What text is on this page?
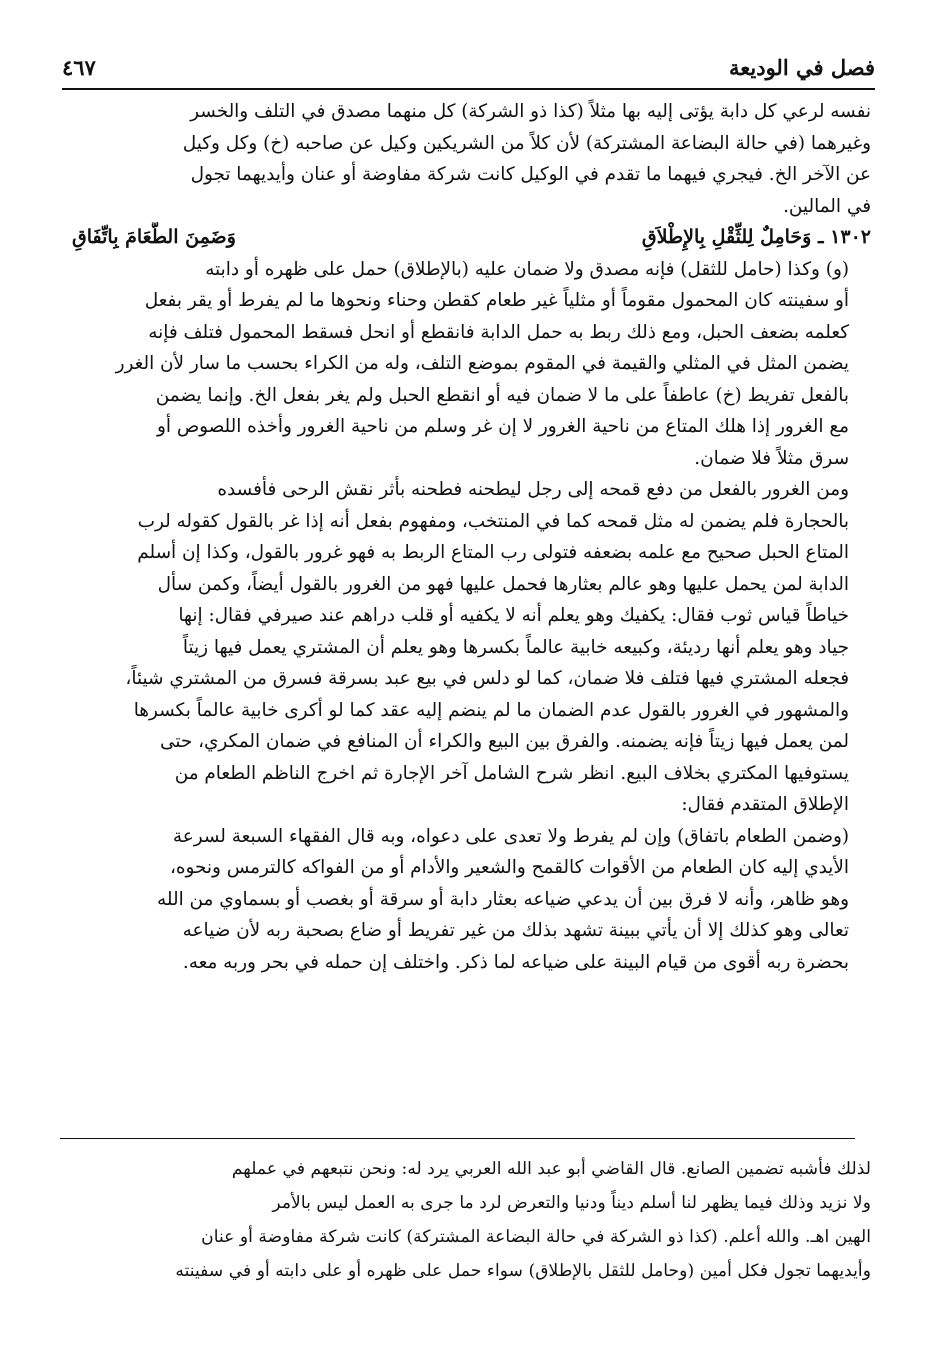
فصل في الوديعة
٤٦٧

نفسه لرعي كل دابة يؤتى إليه بها مثلاً (كذا ذو الشركة) كل منهما مصدق في التلف والخسر
وغيرهما (في حالة البضاعة المشتركة) لأن كلاً من الشريكين وكيل عن صاحبه (خ) وكل وكيل
عن الآخر الخ. فيجري فيهما ما تقدم في الوكيل كانت شركة مفاوضة أو عنان وأيديهما تجول
في المالين.

١٣٠٢ ـ وَحَامِلٌ لِلثِّقْلِ بِالإِطْلاَقِ
وَضَمِنَ الطَّعَامَ بِاتِّفَاقِ

(و) وكذا (حامل للثقل) فإنه مصدق ولا ضمان عليه (بالإطلاق) حمل على ظهره أو دابته
أو سفينته كان المحمول مقوماً أو مثلياً غير طعام كقطن وحناء ونحوها ما لم يفرط أو يقر بفعل
كعلمه بضعف الحبل، ومع ذلك ربط به حمل الدابة فانقطع أو انحل فسقط المحمول فتلف فإنه
يضمن المثل في المثلي والقيمة في المقوم بموضع التلف، وله من الكراء بحسب ما سار لأن الغرر
بالفعل تفريط (خ) عاطفاً على ما لا ضمان فيه أو انقطع الحبل ولم يغر بفعل الخ. وإنما يضمن
مع الغرور إذا هلك المتاع من ناحية الغرور لا إن غر وسلم من ناحية الغرور وأخذه اللصوص أو
سرق مثلاً فلا ضمان.

ومن الغرور بالفعل من دفع قمحه إلى رجل ليطحنه فطحنه بأثر نقش الرحى فأفسده
بالحجارة فلم يضمن له مثل قمحه كما في المنتخب، ومفهوم بفعل أنه إذا غر بالقول كقوله لرب
المتاع الحبل صحيح مع علمه بضعفه فتولى رب المتاع الربط به فهو غرور بالقول، وكذا إن أسلم
الدابة لمن يحمل عليها وهو عالم بعثارها فحمل عليها فهو من الغرور بالقول أيضاً، وكمن سأل
خياطاً قياس ثوب فقال: يكفيك وهو يعلم أنه لا يكفيه أو قلب دراهم عند صيرفي فقال: إنها
جياد وهو يعلم أنها رديئة، وكبيعه خابية عالماً بكسرها وهو يعلم أن المشتري يعمل فيها زيتاً
فجعله المشتري فيها فتلف فلا ضمان، كما لو دلس في بيع عبد بسرقة فسرق من المشتري شيئاً،
والمشهور في الغرور بالقول عدم الضمان ما لم ينضم إليه عقد كما لو أكرى خابية عالماً بكسرها
لمن يعمل فيها زيتاً فإنه يضمنه. والفرق بين البيع والكراء أن المنافع في ضمان المكري، حتى
يستوفيها المكتري بخلاف البيع. انظر شرح الشامل آخر الإجارة ثم اخرج الناظم الطعام من
الإطلاق المتقدم فقال:

(وضمن الطعام باتفاق) وإن لم يفرط ولا تعدى على دعواه، وبه قال الفقهاء السبعة لسرعة
الأيدي إليه كان الطعام من الأقوات كالقمح والشعير والأدام أو من الفواكه كالترمس ونحوه،
وهو ظاهر، وأنه لا فرق بين أن يدعي ضياعه بعثار دابة أو سرقة أو بغصب أو بسماوي من الله
تعالى وهو كذلك إلا أن يأتي ببينة تشهد بذلك من غير تفريط أو ضاع بصحبة ربه لأن ضياعه
بحضرة ربه أقوى من قيام البينة على ضياعه لما ذكر. واختلف إن حمله في بحر وربه معه.

لذلك فأشبه تضمين الصانع. قال القاضي أبو عبد الله العربي يرد له: ونحن نتبعهم في عملهم
ولا نزيد وذلك فيما يظهر لنا أسلم ديناً ودنيا والتعرض لرد ما جرى به العمل ليس بالأمر
الهين اهـ. والله أعلم. (كذا ذو الشركة في حالة البضاعة المشتركة) كانت شركة مفاوضة أو عنان
وأيديهما تجول فكل أمين (وحامل للثقل بالإطلاق) سواء حمل على ظهره أو على دابته أو في سفينته
